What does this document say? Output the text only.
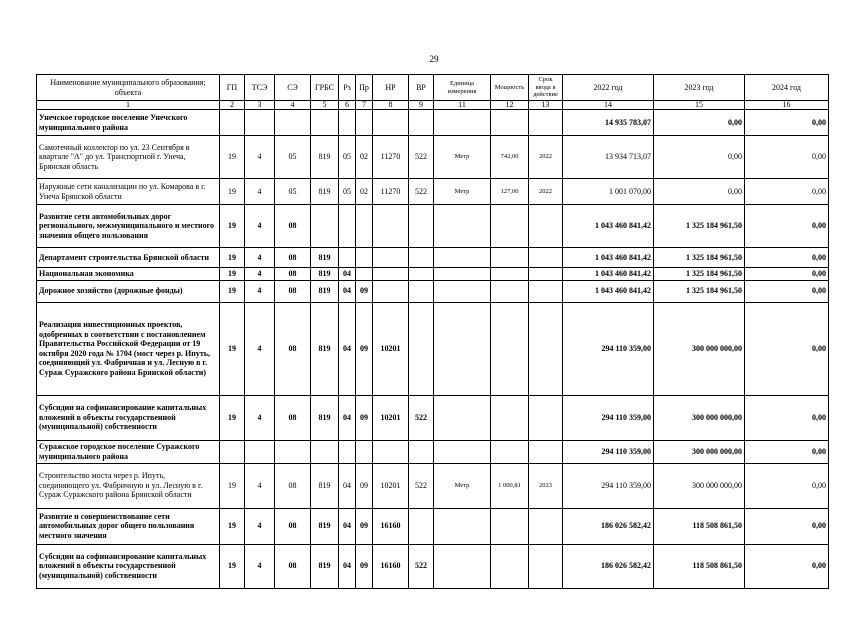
29
Наименование муниципального образования; объекта	ГП	ТСЭ	СЭ	ГРБС	Рз	Пр	НР	ВР	Единица измерения	Мощность	Срок ввода в действие	2022 год	2023 год	2024 год
1	2	3	4	5	6	7	8	9	11	12	13	14	15	16
Унечское городское поселение Унечского муниципального района												14 935 783,07	0,00	0,00
Самотечный коллектор по ул. 23 Сентября в квартале "А" до ул. Транспортной г. Унеча, Брянская область	19	4	05	819	05	02	11270	522	Метр	742,00	2022	13 934 713,07	0,00	0,00
Наружные сети канализации по ул. Комарова в г. Унеча Брянской области	19	4	05	819	05	02	11270	522	Метр	127,00	2022	1 001 070,00	0,00	0,00
Развитие сети автомобильных дорог регионального, межмуниципального и местного значения общего пользования	19	4	08									1 043 460 841,42	1 325 184 961,50	0,00
Департамент строительства Брянской области	19	4	08	819								1 043 460 841,42	1 325 184 961,50	0,00
Национальная экономика	19	4	08	819	04							1 043 460 841,42	1 325 184 961,50	0,00
Дорожное хозяйство (дорожные фонды)	19	4	08	819	04	09						1 043 460 841,42	1 325 184 961,50	0,00
Реализация инвестиционных проектов, одобренных в соответствии с постановлением Правительства Российской Федерации от 19 октября 2020 года № 1704 (мост через р. Ипуть, соединяющий ул. Фабричная и ул. Лесную в г. Сураж Суражского района Брянской области)	19	4	08	819	04	09	10201					294 110 359,00	300 000 000,00	0,00
Субсидии на софинансирование капитальных вложений в объекты государственной (муниципальной) собственности	19	4	08	819	04	09	10201	522				294 110 359,00	300 000 000,00	0,00
Суражское городское поселение Суражского муниципального района												294 110 359,00	300 000 000,00	0,00
Строительство моста через р. Ипуть, соединяющего ул. Фабричную и ул. Лесную в г. Сураж Суражского района Брянской области	19	4	08	819	04	09	10201	522	Метр	1 000,81	2023	294 110 359,00	300 000 000,00	0,00
Развитие и совершенствование сети автомобильных дорог общего пользования местного значения	19	4	08	819	04	09	16160					186 026 582,42	118 508 861,50	0,00
Субсидии на софинансирование капитальных вложений в объекты государственной (муниципальной) собственности	19	4	08	819	04	09	16160	522				186 026 582,42	118 508 861,50	0,00
